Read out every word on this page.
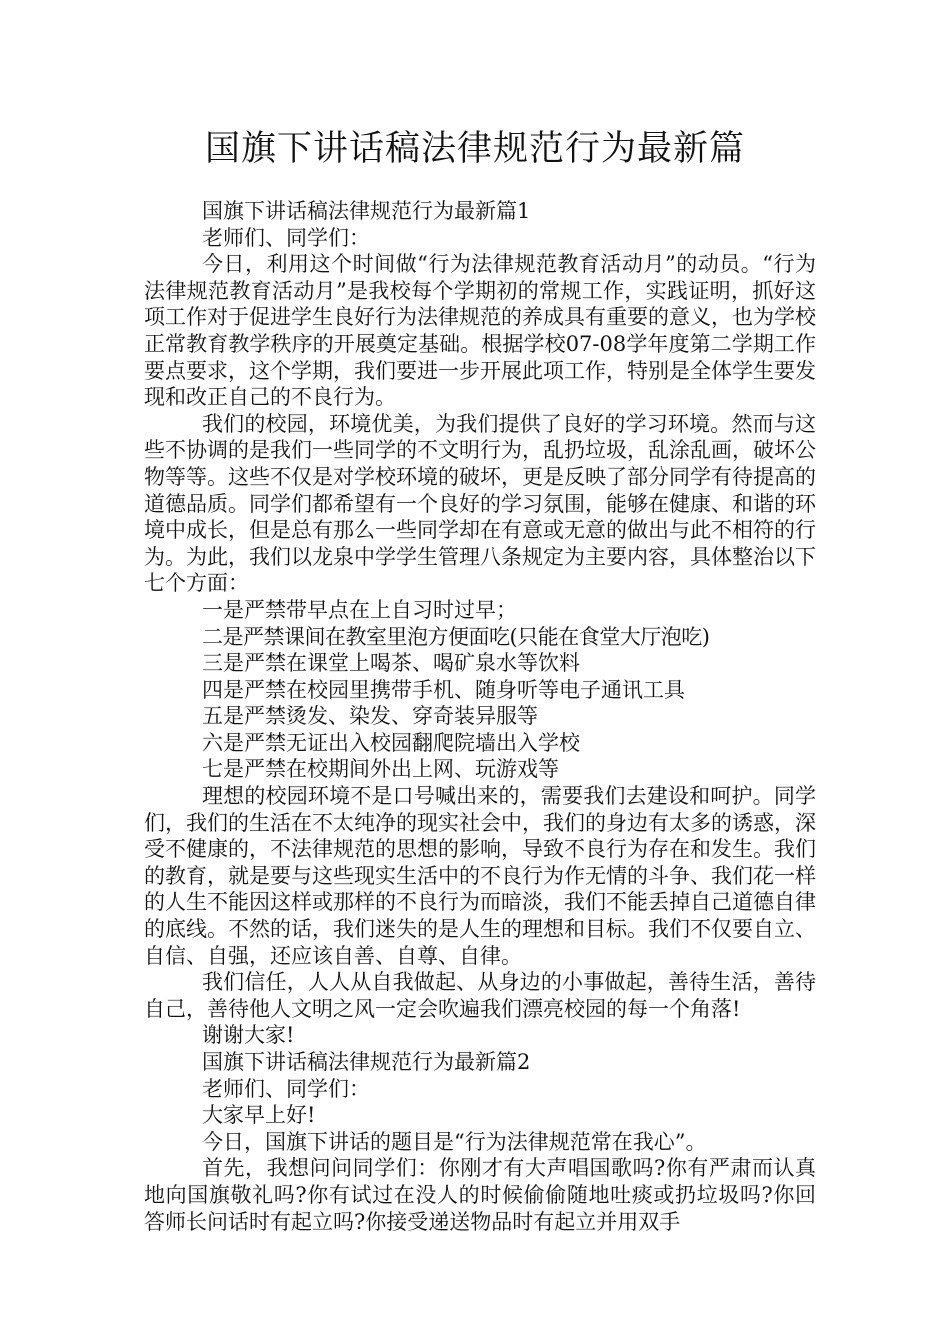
国旗下讲话稿法律规范行为最新篇

国旗下讲话稿法律规范行为最新篇1

老师们、同学们：

今日，利用这个时间做“行为法律规范教育活动月”的动员。“行为法律规范教育活动月”是我校每个学期初的常规工作，实践证明，抓好这项工作对于促进学生良好行为法律规范的养成具有重要的意义，也为学校正常教育教学秩序的开展奠定基础。根据学校07-08学年度第二学期工作要点要求，这个学期，我们要进一步开展此项工作，特别是全体学生要发现和改正自己的不良行为。

我们的校园，环境优美，为我们提供了良好的学习环境。然而与这些不协调的是我们一些同学的不文明行为，乱扔垃圾，乱涂乱画，破坏公物等等。这些不仅是对学校环境的破坏，更是反映了部分同学有待提高的道德品质。同学们都希望有一个良好的学习氛围，能够在健康、和谐的环境中成长，但是总有那么一些同学却在有意或无意的做出与此不相符的行为。为此，我们以龙泉中学学生管理八条规定为主要内容，具体整治以下七个方面：

一是严禁带早点在上自习时过早；

二是严禁课间在教室里泡方便面吃(只能在食堂大厅泡吃)

三是严禁在课堂上喝茶、喝矿泉水等饮料

四是严禁在校园里携带手机、随身听等电子通讯工具

五是严禁烫发、染发、穿奇装异服等

六是严禁无证出入校园翻爬院墙出入学校

七是严禁在校期间外出上网、玩游戏等

理想的校园环境不是口号喊出来的，需要我们去建设和呵护。同学们，我们的生活在不太纯净的现实社会中，我们的身边有太多的诱惑，深受不健康的，不法律规范的思想的影响，导致不良行为存在和发生。我们的教育，就是要与这些现实生活中的不良行为作无情的斗争、我们花一样的人生不能因这样或那样的不良行为而暗淡，我们不能丢掉自己道德自律的底线。不然的话，我们迷失的是人生的理想和目标。我们不仅要自立、自信、自强，还应该自善、自尊、自律。

我们信任，人人从自我做起、从身边的小事做起，善待生活，善待自己，善待他人文明之风一定会吹遍我们漂亮校园的每一个角落!

谢谢大家!

国旗下讲话稿法律规范行为最新篇2

老师们、同学们：

大家早上好!

今日，国旗下讲话的题目是“行为法律规范常在我心”。

首先，我想问问同学们：你刚才有大声唱国歌吗?你有严肃而认真地向国旗敬礼吗?你有试过在没人的时候偷偷随地吐痰或扔垃圾吗?你回答师长问话时有起立吗?你接受递送物品时有起立并用双手
